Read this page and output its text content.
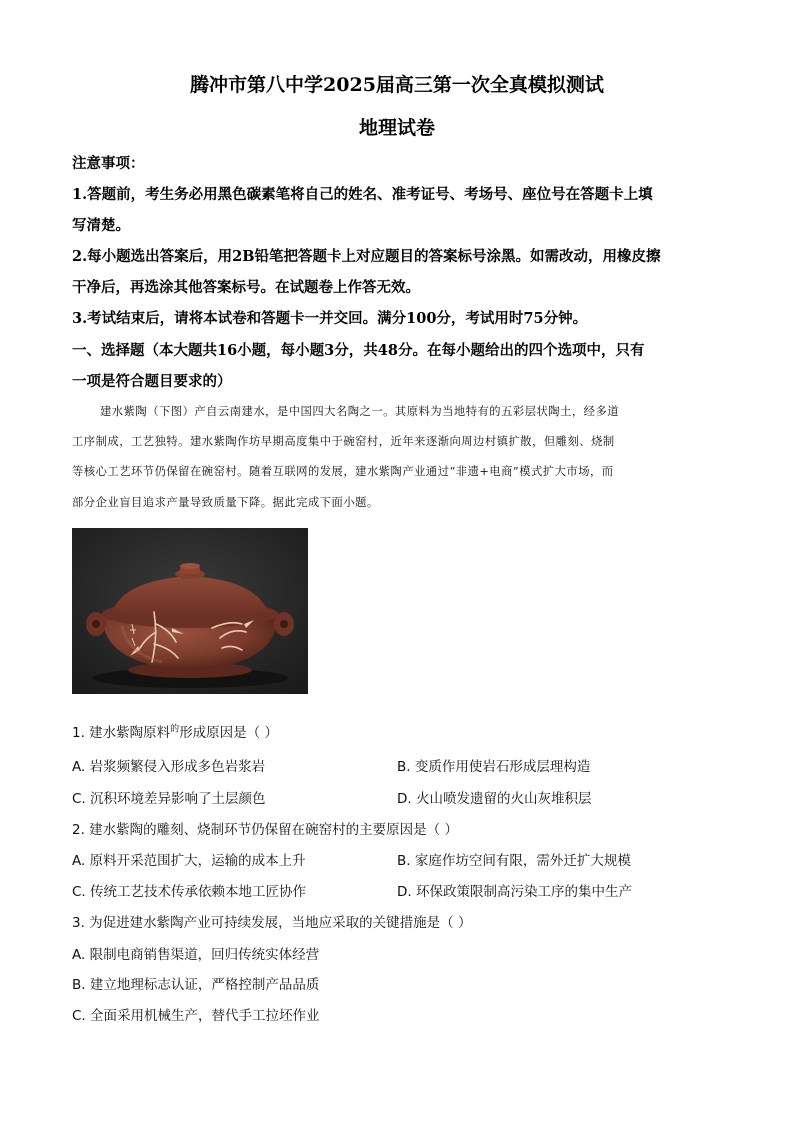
腾冲市第八中学2025届高三第一次全真模拟测试
地理试卷
注意事项：
1.答题前，考生务必用黑色碳素笔将自己的姓名、准考证号、考场号、座位号在答题卡上填
写清楚。
2.每小题选出答案后，用2B铅笔把答题卡上对应题目的答案标号涂黑。如需改动，用橡皮擦
干净后，再选涂其他答案标号。在试题卷上作答无效。
3.考试结束后，请将本试卷和答题卡一并交回。满分100分，考试用时75分钟。
一、选择题（本大题共16小题，每小题3分，共48分。在每小题给出的四个选项中，只有
一项是符合题目要求的）
建水紫陶（下图）产自云南建水，是中国四大名陶之一。其原料为当地特有的五彩层状陶土，经多道
工序制成，工艺独特。建水紫陶作坊早期高度集中于碗窑村，近年来逐渐向周边村镇扩散，但雕刻、烧制
等核心工艺环节仍保留在碗窑村。随着互联网的发展，建水紫陶产业通过“非遗+电商”模式扩大市场，而
部分企业盲目追求产量导致质量下降。据此完成下面小题。
1. 建水紫陶原料$^的$形成原因是（ ）
A. 岩浆频繁侵入形成多色岩浆岩	B. 变质作用使岩石形成层理构造
C. 沉积环境差异影响了土层颜色	D. 火山喷发遗留的火山灰堆积层
2. 建水紫陶的雕刻、烧制环节仍保留在碗窑村的主要原因是（ ）
A. 原料开采范围扩大，运输的成本上升	B. 家庭作坊空间有限，需外迁扩大规模
C. 传统工艺技术传承依赖本地工匠协作	D. 环保政策限制高污染工序的集中生产
3. 为促进建水紫陶产业可持续发展，当地应采取的关键措施是（ ）
A. 限制电商销售渠道，回归传统实体经营
B. 建立地理标志认证，严格控制产品品质
C. 全面采用机械生产，替代手工拉坯作业
